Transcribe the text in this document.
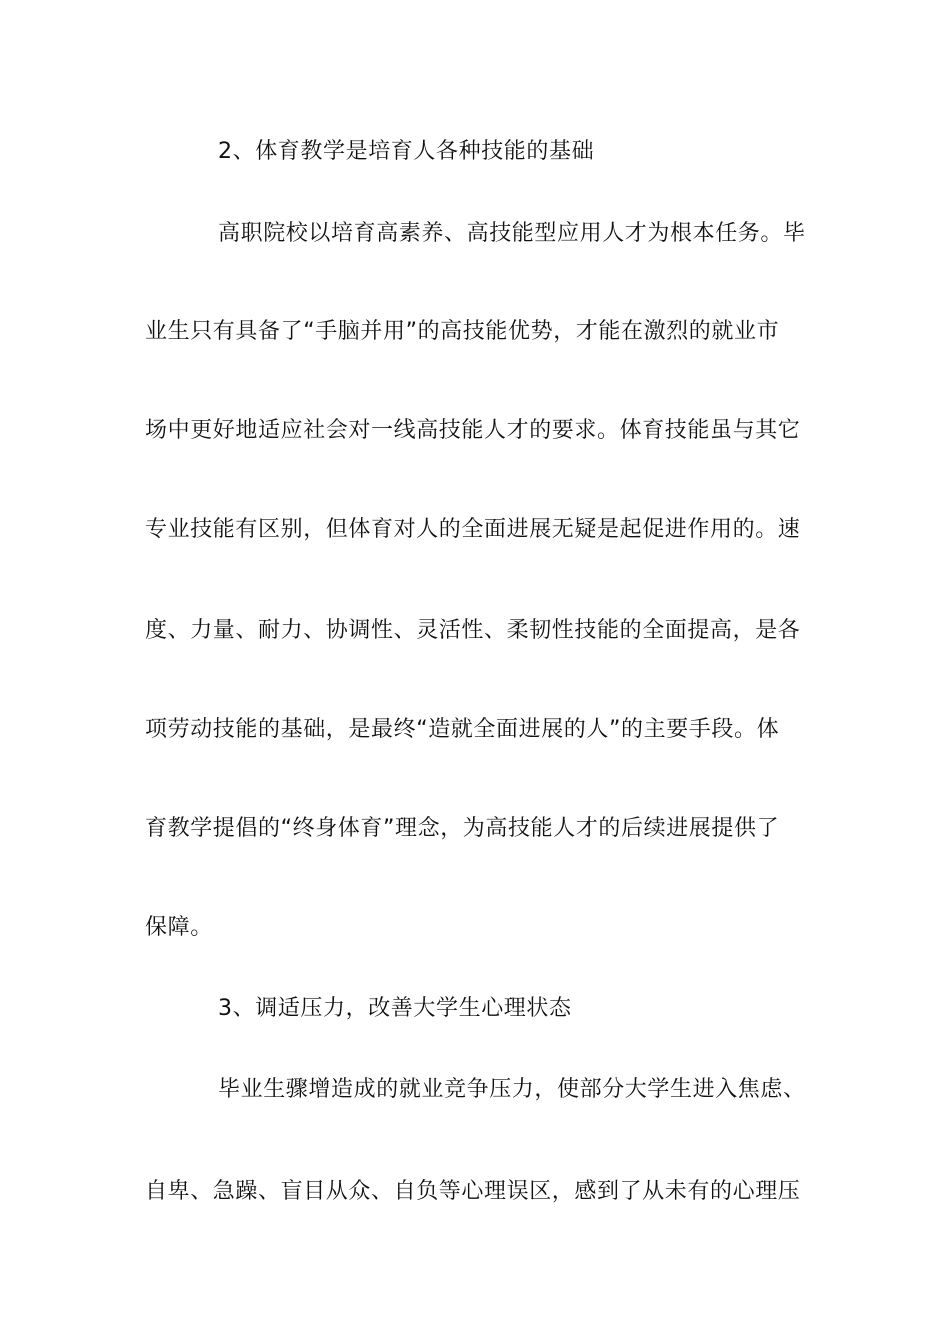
2、体育教学是培育人各种技能的基础
高职院校以培育高素养、高技能型应用人才为根本任务。毕
业生只有具备了“手脑并用”的高技能优势，才能在激烈的就业市
场中更好地适应社会对一线高技能人才的要求。体育技能虽与其它
专业技能有区别，但体育对人的全面进展无疑是起促进作用的。速
度、力量、耐力、协调性、灵活性、柔韧性技能的全面提高，是各
项劳动技能的基础，是最终“造就全面进展的人”的主要手段。体
育教学提倡的“终身体育”理念，为高技能人才的后续进展提供了
保障。
3、调适压力，改善大学生心理状态
毕业生骤增造成的就业竞争压力，使部分大学生进入焦虑、
自卑、急躁、盲目从众、自负等心理误区，感到了从未有的心理压
